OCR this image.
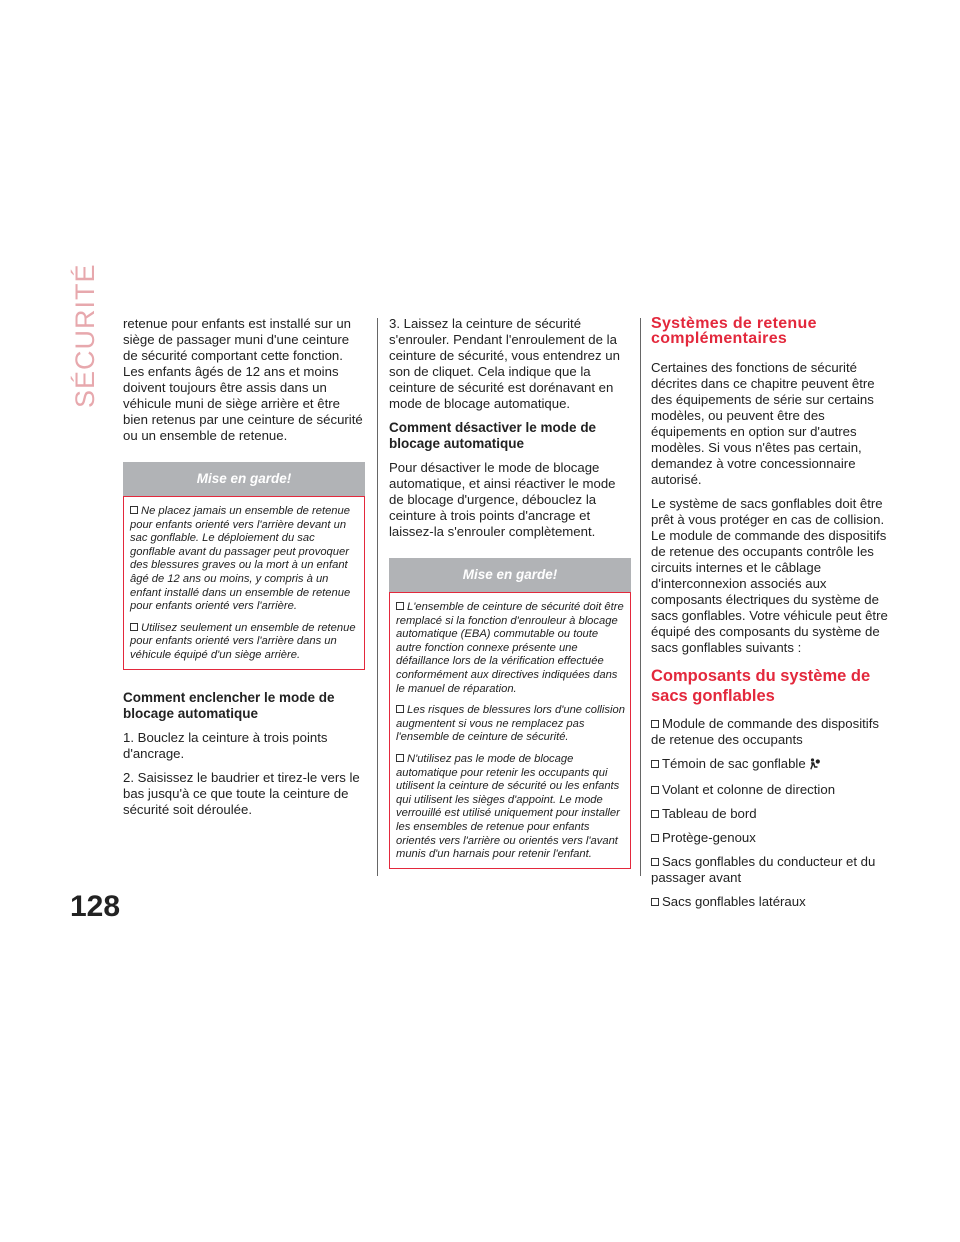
SÉCURITÉ
128

retenue pour enfants est installé sur un siège de passager muni d'une ceinture de sécurité comportant cette fonction. Les enfants âgés de 12 ans et moins doivent toujours être assis dans un véhicule muni de siège arrière et être bien retenus par une ceinture de sécurité ou un ensemble de retenue.

Mise en garde!

Ne placez jamais un ensemble de retenue pour enfants orienté vers l'arrière devant un sac gonflable. Le déploiement du sac gonflable avant du passager peut provoquer des blessures graves ou la mort à un enfant âgé de 12 ans ou moins, y compris à un enfant installé dans un ensemble de retenue pour enfants orienté vers l'arrière.

Utilisez seulement un ensemble de retenue pour enfants orienté vers l'arrière dans un véhicule équipé d'un siège arrière.

Comment enclencher le mode de blocage automatique

1. Bouclez la ceinture à trois points d'ancrage.

2. Saisissez le baudrier et tirez-le vers le bas jusqu'à ce que toute la ceinture de sécurité soit déroulée.

3. Laissez la ceinture de sécurité s'enrouler. Pendant l'enroulement de la ceinture de sécurité, vous entendrez un son de cliquet. Cela indique que la ceinture de sécurité est dorénavant en mode de blocage automatique.

Comment désactiver le mode de blocage automatique

Pour désactiver le mode de blocage automatique, et ainsi réactiver le mode de blocage d'urgence, débouclez la ceinture à trois points d'ancrage et laissez-la s'enrouler complètement.

Mise en garde!

L'ensemble de ceinture de sécurité doit être remplacé si la fonction d'enrouleur à blocage automatique (EBA) commutable ou toute autre fonction connexe présente une défaillance lors de la vérification effectuée conformément aux directives indiquées dans le manuel de réparation.

Les risques de blessures lors d'une collision augmentent si vous ne remplacez pas l'ensemble de ceinture de sécurité.

N'utilisez pas le mode de blocage automatique pour retenir les occupants qui utilisent la ceinture de sécurité ou les enfants qui utilisent les sièges d'appoint. Le mode verrouillé est utilisé uniquement pour installer les ensembles de retenue pour enfants orientés vers l'arrière ou orientés vers l'avant munis d'un harnais pour retenir l'enfant.

Systèmes de retenue complémentaires

Certaines des fonctions de sécurité décrites dans ce chapitre peuvent être des équipements de série sur certains modèles, ou peuvent être des équipements en option sur d'autres modèles. Si vous n'êtes pas certain, demandez à votre concessionnaire autorisé.

Le système de sacs gonflables doit être prêt à vous protéger en cas de collision. Le module de commande des dispositifs de retenue des occupants contrôle les circuits internes et le câblage d'interconnexion associés aux composants électriques du système de sacs gonflables. Votre véhicule peut être équipé des composants du système de sacs gonflables suivants :

Composants du système de sacs gonflables

Module de commande des dispositifs de retenue des occupants

Témoin de sac gonflable

Volant et colonne de direction

Tableau de bord

Protège-genoux

Sacs gonflables du conducteur et du passager avant

Sacs gonflables latéraux
